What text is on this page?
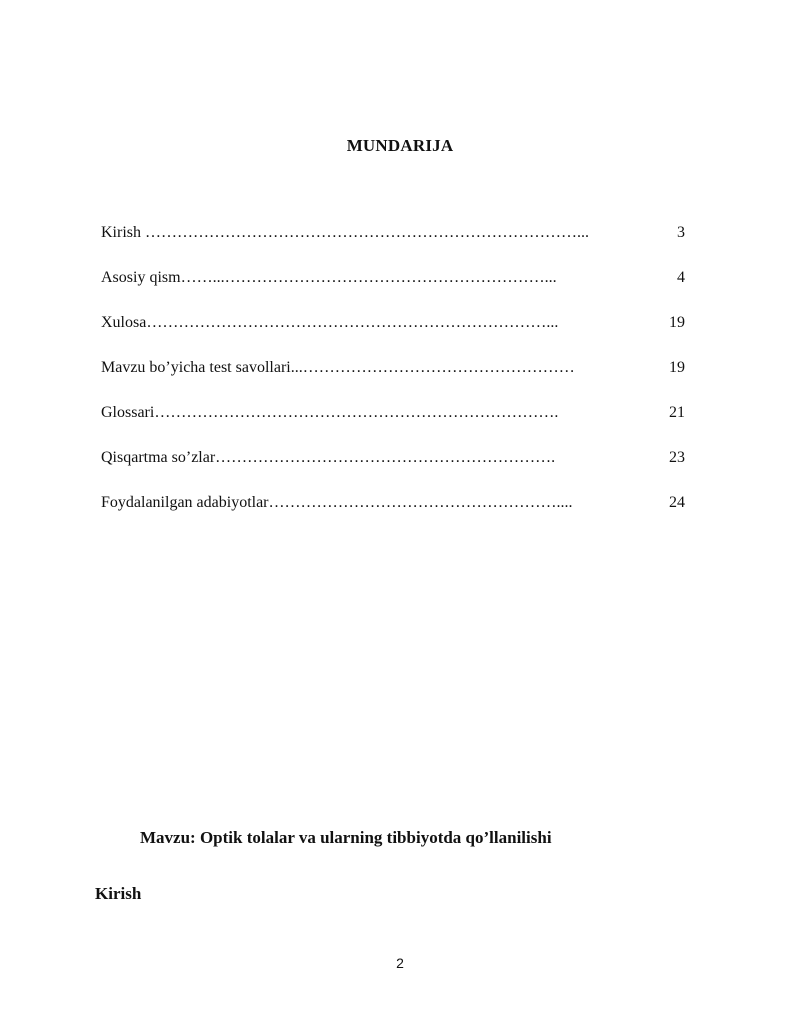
MUNDARIJA
Kirish ………………………………………………………………………...	3
Asosiy qism……...……………………………………………………...	4
Xulosa…………………………………………………………………...	19
Mavzu bo’yicha test savollari...……………………………………………	19
Glossari………………………………………………………………….	21
Qisqartma so’zlar……………………………………………………….	23
Foydalanilgan adabiyotlar………………………………………………....	24
Mavzu: Optik tolalar va ularning tibbiyotda qo’llanilishi
Kirish
2
